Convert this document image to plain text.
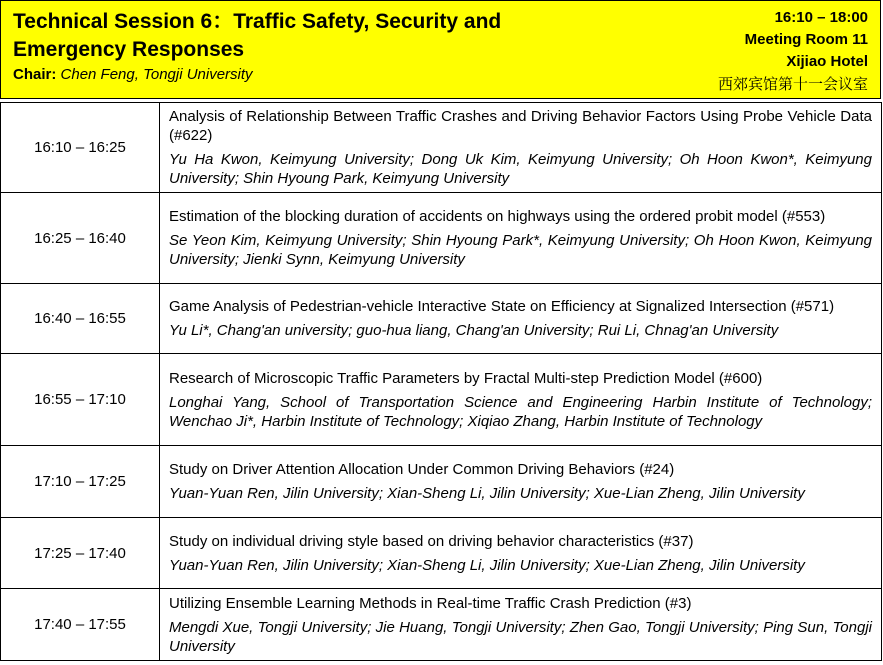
Technical Session 6：Traffic Safety, Security and Emergency Responses
Chair: Chen Feng, Tongji University
16:10 – 18:00
Meeting Room 11
Xijiao Hotel
西郊宾馆第十一会议室
16:10 – 16:25	Analysis of Relationship Between Traffic Crashes and Driving Behavior Factors Using Probe Vehicle Data (#622)
Yu Ha Kwon, Keimyung University; Dong Uk Kim, Keimyung University; Oh Hoon Kwon*, Keimyung University; Shin Hyoung Park, Keimyung University

16:25 – 16:40	Estimation of the blocking duration of accidents on highways using the ordered probit model (#553)
Se Yeon Kim, Keimyung University; Shin Hyoung Park*, Keimyung University; Oh Hoon Kwon, Keimyung University; Jienki Synn, Keimyung University

16:40 – 16:55	Game Analysis of Pedestrian-vehicle Interactive State on Efficiency at Signalized Intersection (#571)
Yu Li*, Chang'an university; guo-hua liang, Chang'an University; Rui Li, Chnag'an University

16:55 – 17:10	Research of Microscopic Traffic Parameters by Fractal Multi-step Prediction Model (#600)
Longhai Yang, School of Transportation Science and Engineering Harbin Institute of Technology; Wenchao Ji*, Harbin Institute of Technology; Xiqiao Zhang, Harbin Institute of Technology

17:10 – 17:25	Study on Driver Attention Allocation Under Common Driving Behaviors (#24)
Yuan-Yuan Ren, Jilin University; Xian-Sheng Li, Jilin University; Xue-Lian Zheng, Jilin University

17:25 – 17:40	Study on individual driving style based on driving behavior characteristics (#37)
Yuan-Yuan Ren, Jilin University; Xian-Sheng Li, Jilin University; Xue-Lian Zheng, Jilin University

17:40 – 17:55	Utilizing Ensemble Learning Methods in Real-time Traffic Crash Prediction (#3)
Mengdi Xue, Tongji University; Jie Huang, Tongji University; Zhen Gao, Tongji University; Ping Sun, Tongji University
